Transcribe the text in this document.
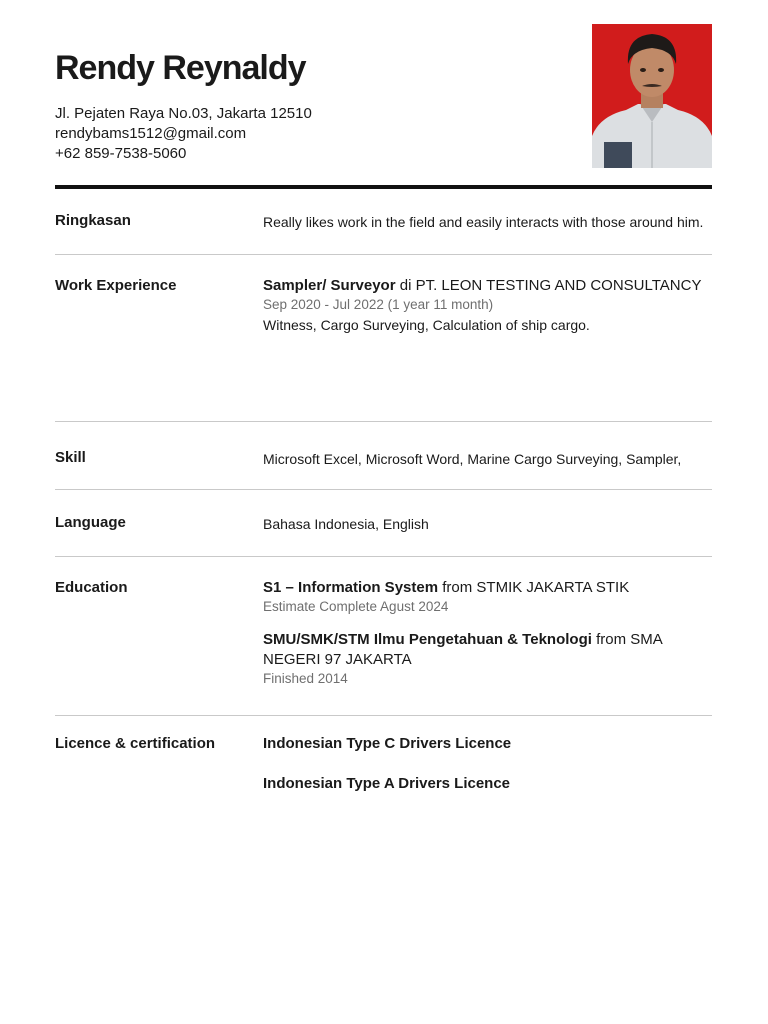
Rendy Reynaldy
Jl. Pejaten Raya No.03, Jakarta 12510
rendybams1512@gmail.com
+62 859-7538-5060
Ringkasan	Really likes work in the field and easily interacts with those around him.
Work Experience	Sampler/ Surveyor di PT. LEON TESTING AND CONSULTANCY
Sep 2020 - Jul 2022 (1 year 11 month)
Witness, Cargo Surveying, Calculation of ship cargo.
Skill	Microsoft Excel, Microsoft Word, Marine Cargo Surveying, Sampler,
Language	Bahasa Indonesia, English
Education	S1 – Information System from STMIK JAKARTA STIK
Estimate Complete Agust 2024
SMU/SMK/STM Ilmu Pengetahuan & Teknologi from SMA NEGERI 97 JAKARTA
Finished 2014
Licence & certification	Indonesian Type C Drivers Licence
Indonesian Type A Drivers Licence
